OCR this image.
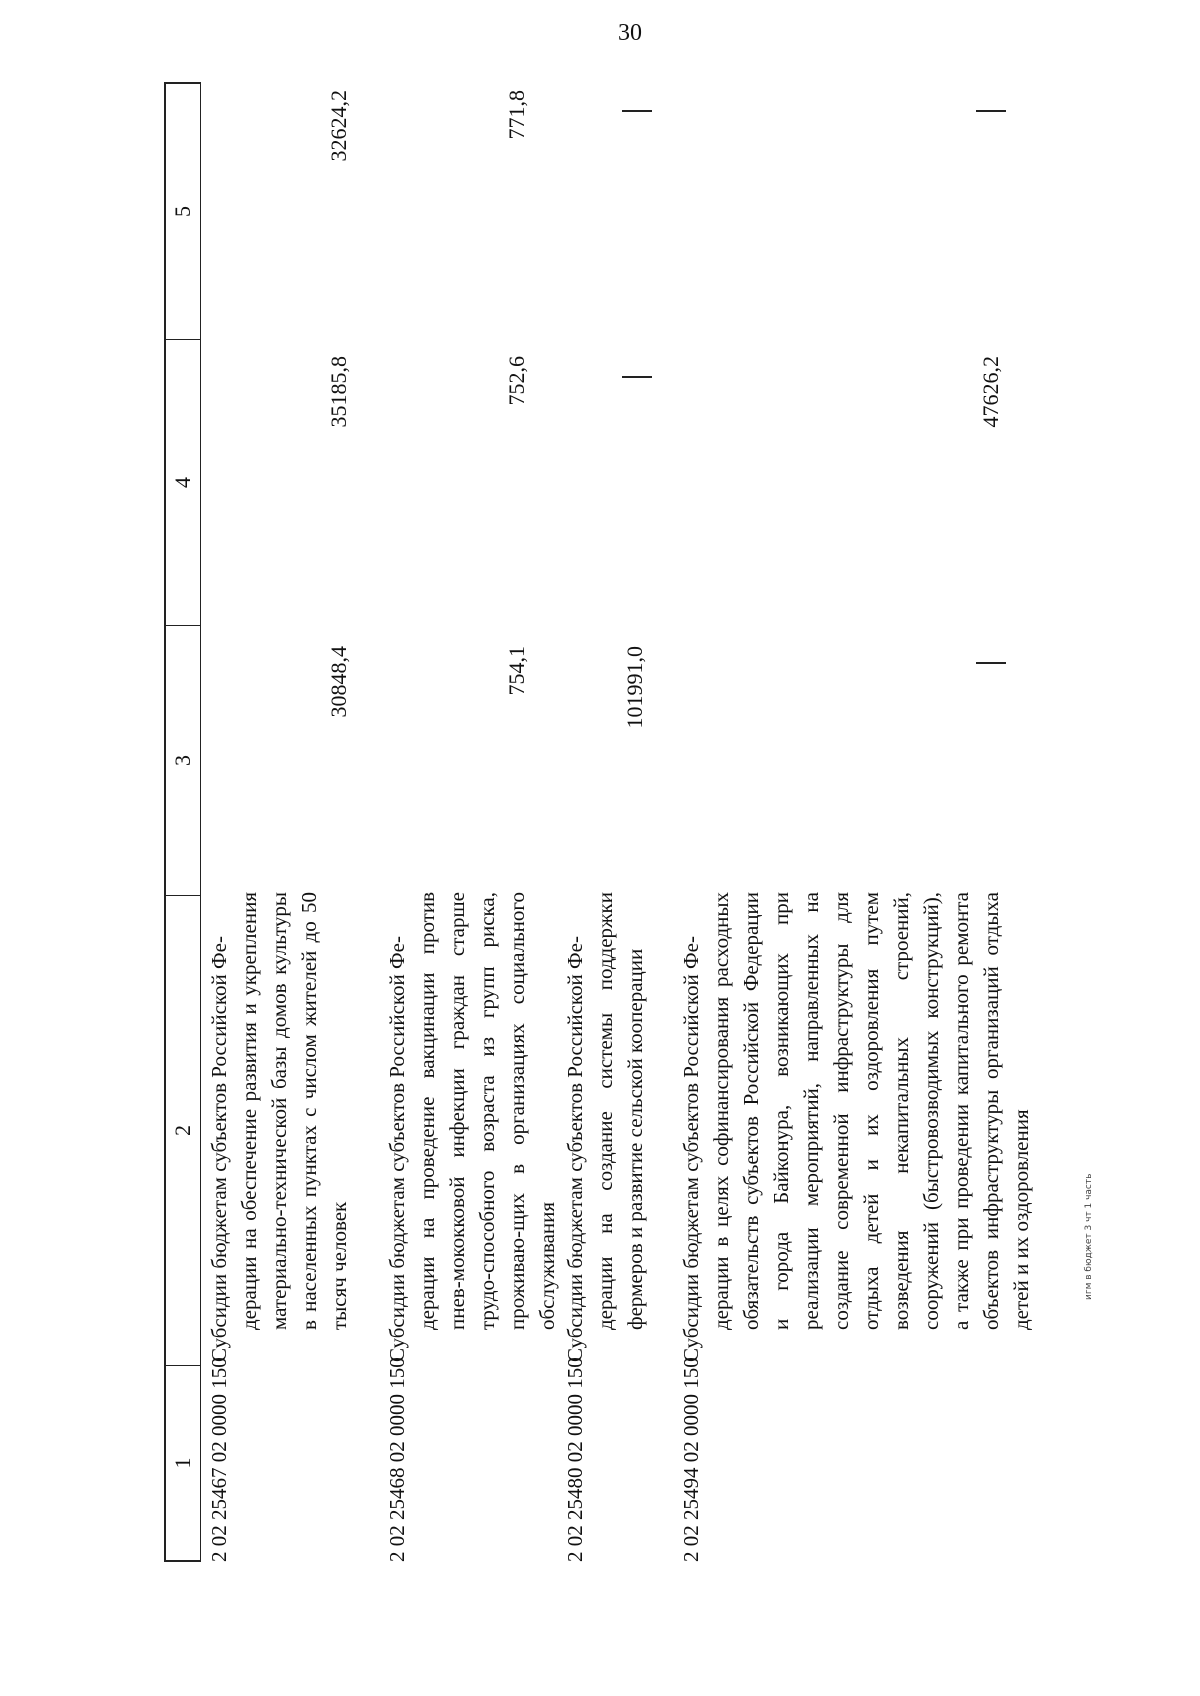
30
1
2
3
4
5
2 02 25467 02 0000 150
Субсидии бюджетам субъектов Российской Фе- дерации на обеспечение развития и укрепления материально-технической базы домов культуры в населенных пунктах с числом жителей до 50 тысяч человек
30848,4
35185,8
32624,2
2 02 25468 02 0000 150
Субсидии бюджетам субъектов Российской Фе- дерации на проведение вакцинации против пнев-мококковой инфекции граждан старше трудо-способного возраста из групп риска, проживаю-щих в организациях социального обслуживания
754,1
752,6
771,8
2 02 25480 02 0000 150
Субсидии бюджетам субъектов Российской Фе- дерации на создание системы поддержки фермеров и развитие сельской кооперации
101991,0
2 02 25494 02 0000 150
Субсидии бюджетам субъектов Российской Фе- дерации в целях софинансирования расходных обязательств субъектов Российской Федерации и города Байконура, возникающих при реализации мероприятий, направленных на создание современной инфраструктуры для отдыха детей и их оздоровления путем возведения некапитальных строений, сооружений (быстровозводимых конструкций), а также при проведении капитального ремонта объектов инфраструктуры организаций отдыха детей и их оздоровления
47626,2
игм в бюджет 3 чт 1 часть
